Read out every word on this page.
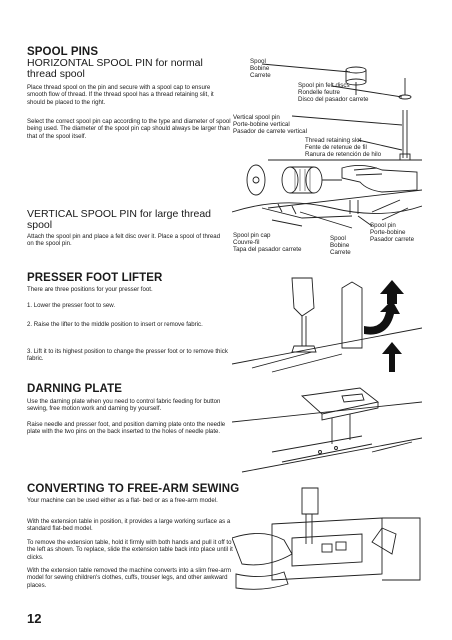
SPOOL PINS
HORIZONTAL SPOOL PIN for normal thread spool
Place thread spool on the pin and secure with a spool cap to ensure smooth flow of thread. If the thread spool has a thread retaining slit, it should be placed to the right.
Select the correct spool pin cap according to the type and diameter of spool being used. The diameter of the spool pin cap should always be larger than that of the spool itself.
Spool
Bobine
Carrete
Spool pin felt discs
Rondelle feutre
Disco del pasador carrete
Vertical spool pin
Porte-bobine vertical
Pasador de carrete vertical
Thread retaining slot
Fente de retenue de fil
Ranura de retención de hilo
VERTICAL SPOOL PIN for large thread spool
Attach the spool pin and place a felt disc over it. Place a spool of thread on the spool pin.
Spool pin cap
Couvre-fil
Tapa del pasador carrete
Spool
Bobine
Carrete
Spool pin
Porte-bobine
Pasador carrete
PRESSER FOOT LIFTER
There are three positions for your presser foot.
1. Lower the presser foot to sew.
2. Raise the lifter to the middle position to insert or remove fabric.
3. Lift it to its highest position to change the presser foot or to remove thick fabric.
DARNING PLATE
Use the darning plate when you need to control fabric feeding for button sewing, free motion work and darning by yourself.
Raise needle and presser foot, and position darning plate onto the needle plate with the two pins on the back inserted to the holes of needle plate.
CONVERTING TO FREE-ARM SEWING
Your machine can be used either as a flat- bed or as a free-arm model.
With the extension table in position, it provides a large working surface as a standard flat-bed model.
To remove the extension table, hold it firmly with both hands and pull it off to the left as shown. To replace, slide the extension table back into place until it clicks.
With the extension table removed the machine converts into a slim free-arm model for sewing children's clothes, cuffs, trouser legs, and other awkward places.
12
